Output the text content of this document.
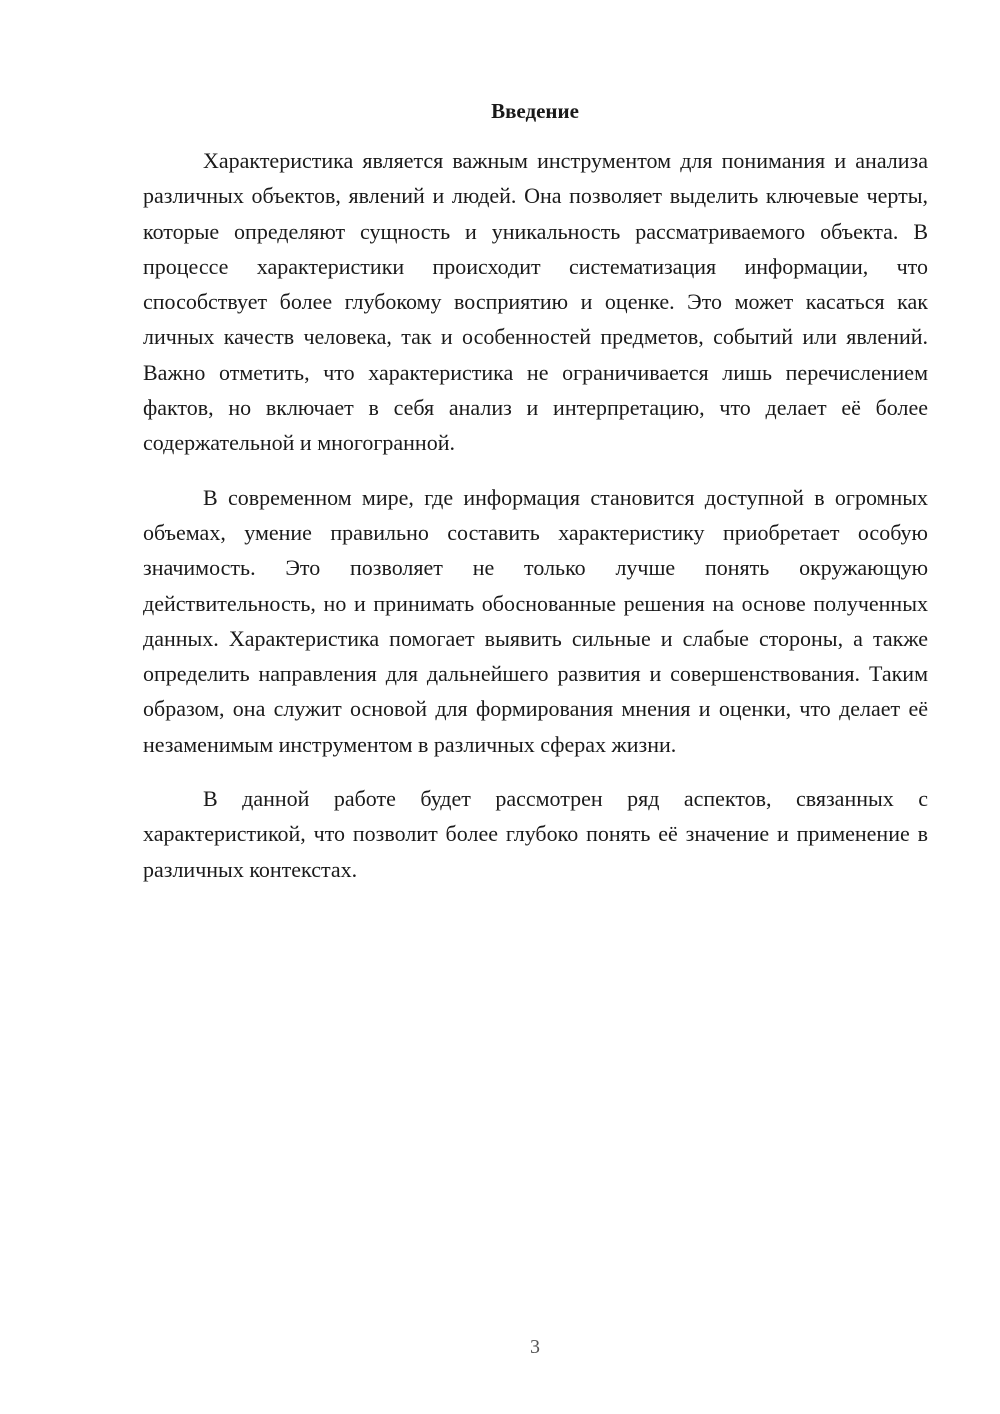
Введение

Характеристика является важным инструментом для понимания и анализа различных объектов, явлений и людей. Она позволяет выделить ключевые черты, которые определяют сущность и уникальность рассматриваемого объекта. В процессе характеристики происходит систематизация информации, что способствует более глубокому восприятию и оценке. Это может касаться как личных качеств человека, так и особенностей предметов, событий или явлений. Важно отметить, что характеристика не ограничивается лишь перечислением фактов, но включает в себя анализ и интерпретацию, что делает её более содержательной и многогранной.

В современном мире, где информация становится доступной в огромных объемах, умение правильно составить характеристику приобретает особую значимость. Это позволяет не только лучше понять окружающую действительность, но и принимать обоснованные решения на основе полученных данных. Характеристика помогает выявить сильные и слабые стороны, а также определить направления для дальнейшего развития и совершенствования. Таким образом, она служит основой для формирования мнения и оценки, что делает её незаменимым инструментом в различных сферах жизни.

В данной работе будет рассмотрен ряд аспектов, связанных с характеристикой, что позволит более глубоко понять её значение и применение в различных контекстах.

3
